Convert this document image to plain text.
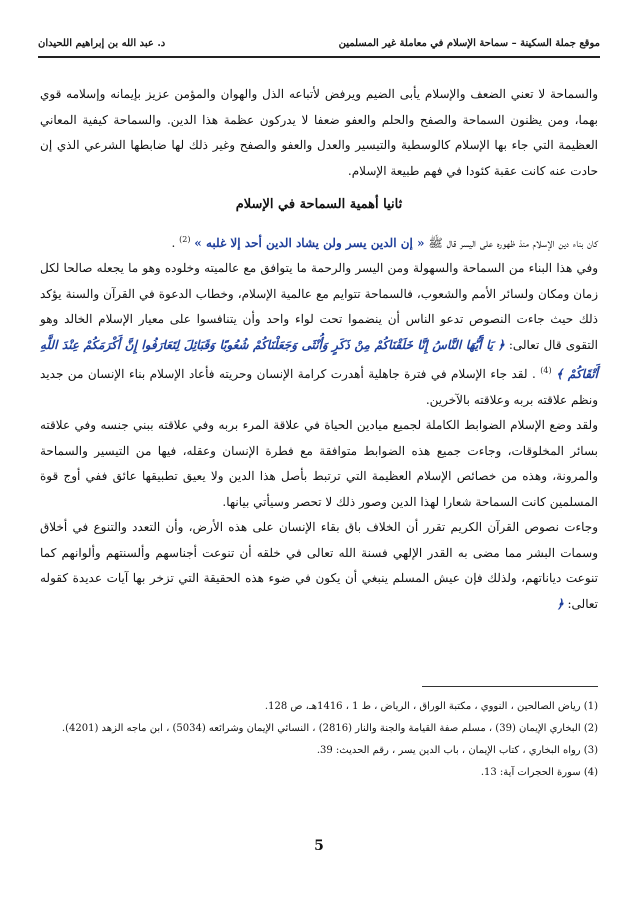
موقع جملة السكينة – سماحة الإسلام في معاملة غير المسلمين
د. عبد الله بن إبراهيم اللحيدان

والسماحة لا تعني الضعف والإسلام يأبى الضيم ويرفض لأتباعه الذل والهوان والمؤمن عزيز بإيمانه وإسلامه قوي بهما، ومن يظنون السماحة والصفح والحلم والعفو ضعفا لا يدركون عظمة هذا الدين. والسماحة كيفية المعاني العظيمة التي جاء بها الإسلام كالوسطية والتيسير والعدل والعفو والصفح وغير ذلك لها ضابطها الشرعي الذي إن حادت عنه كانت عقبة كئودا في فهم طبيعة الإسلام.

ثانيا أهمية السماحة في الإسلام

كان بناء دين الإسلام منذ ظهوره على اليسر قال ﷺ « إن الدين يسر ولن يشاد الدين أحد إلا غلبه » $^{(2)}$ .

وفي هذا البناء من السماحة والسهولة ومن اليسر والرحمة ما يتوافق مع عالميته وخلوده وهو ما يجعله صالحا لكل زمان ومكان ولسائر الأمم والشعوب، فالسماحة تتوايم مع عالمية الإسلام، وخطاب الدعوة في القرآن والسنة يؤكد ذلك حيث جاءت النصوص تدعو الناس أن ينضموا تحت لواء واحد وأن يتنافسوا على معيار الإسلام الخالد وهو التقوى قال تعالى: ﴿ يَا أَيُّهَا النَّاسُ إِنَّا خَلَقْنَاكُمْ مِنْ ذَكَرٍ وَأُنْثَى وَجَعَلْنَاكُمْ شُعُوبًا وَقَبَائِلَ لِتَعَارَفُوا إِنَّ أَكْرَمَكُمْ عِنْدَ اللَّهِ أَتْقَاكُمْ ﴾ $^{(4)}$ . لقد جاء الإسلام في فترة جاهلية أهدرت كرامة الإنسان وحريته فأعاد الإسلام بناء الإنسان من جديد ونظم علاقته بربه وعلاقته بالآخرين.

ولقد وضع الإسلام الضوابط الكاملة لجميع ميادين الحياة في علاقة المرء بربه وفي علاقته ببني جنسه وفي علاقته بسائر المخلوقات، وجاءت جميع هذه الضوابط متوافقة مع فطرة الإنسان وعقله، فيها من التيسير والسماحة والمرونة، وهذه من خصائص الإسلام العظيمة التي ترتبط بأصل هذا الدين ولا يعيق تطبيقها عائق ففي أوج قوة المسلمين كانت السماحة شعارا لهذا الدين وصور ذلك لا تحصر وسيأتي بيانها.

وجاءت نصوص القرآن الكريم تقرر أن الخلاف باق بقاء الإنسان على هذه الأرض، وأن التعدد والتنوع في أخلاق وسمات البشر مما مضى به القدر الإلهي فسنة الله تعالى في خلقه أن تنوعت أجناسهم وألسنتهم وألوانهم كما تنوعت دياناتهم، ولذلك فإن عيش المسلم ينبغي أن يكون في ضوء هذه الحقيقة التي تزخر بها آيات عديدة كقوله تعالى: ﴿

(1) رياض الصالحين ، النووي ، مكتبة الوراق ، الرياض ، ط 1 ، 1416هـ، ص 128.
(2) البخاري الإيمان (39) ، مسلم صفة القيامة والجنة والنار (2816) ، النسائي الإيمان وشرائعه (5034) ، ابن ماجه الزهد (4201).
(3) رواه البخاري ، كتاب الإيمان ، باب الدين يسر ، رقم الحديث: 39.
(4) سورة الحجرات آية: 13.
5
